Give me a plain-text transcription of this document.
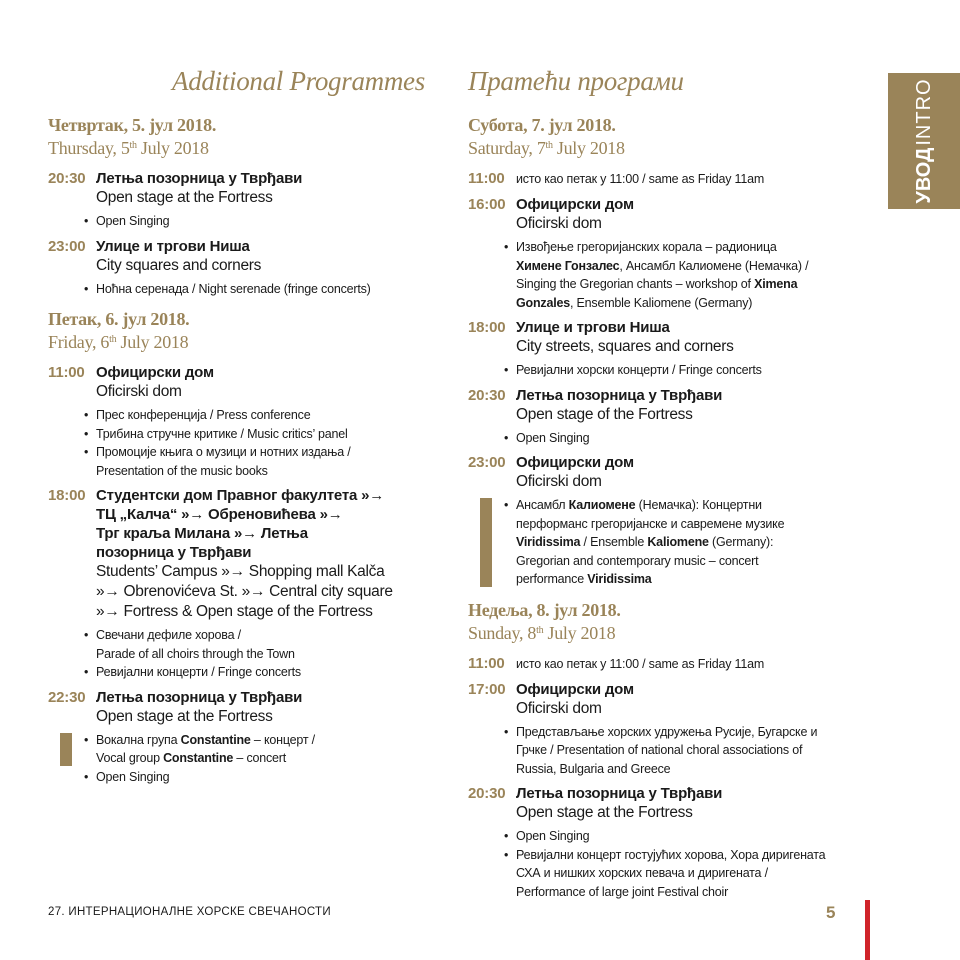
Additional Programmes Пратећи програми
Четвртак, 5. јул 2018.
Thursday, 5th July 2018
20:30 Летња позорница у Тврђави
Open stage at the Fortress
• Open Singing
23:00 Улице и тргови Ниша
City squares and corners
• Ноћна серенада / Night serenade (fringe concerts)
Петак, 6. јул 2018.
Friday, 6th July 2018
11:00 Официрски дом
Oficirski dom
• Прес конференција / Press conference
• Трибина стручне критике / Music critics’ panel
• Промоције књига о музици и нотних издања /
Presentation of the music books
18:00 Студентски дом Правног факултета »→
ТЦ „Калча“ »→ Обреновићева »→
Трг краља Милана »→ Летња
позорница у Тврђави
Students’ Campus »→ Shopping mall Kalča
»→ Obrenovićeva St. »→ Central city square
»→ Fortress & Open stage of the Fortress
• Свечани дефиле хорова /
Parade of all choirs through the Town
• Ревијални концерти / Fringe concerts
22:30 Летња позорница у Тврђави
Open stage at the Fortress
• Вокална група Constantine – концерт /
Vocal group Constantine – concert
• Open Singing
Субота, 7. јул 2018.
Saturday, 7th July 2018
11:00 исто као петак у 11:00 / same as Friday 11am
16:00 Официрски дом
Oficirski dom
• Извођење грегоријанских корала – радионица
Химене Гонзалес, Ансамбл Калиомене (Немачка) /
Singing the Gregorian chants – workshop of Ximena
Gonzales, Ensemble Kaliomene (Germany)
18:00 Улице и тргови Ниша
City streets, squares and corners
• Ревијални хорски концерти / Fringe concerts
20:30 Летња позорница у Тврђави
Open stage of the Fortress
• Open Singing
23:00 Официрски дом
Oficirski dom
• Ансамбл Калиомене (Немачка): Концертни
перформанс грегоријанске и савремене музике
Viridissima / Ensemble Kaliomene (Germany):
Gregorian and contemporary music – concert
performance Viridissima
Недеља, 8. јул 2018.
Sunday, 8th July 2018
11:00 исто као петак у 11:00 / same as Friday 11am
17:00 Официрски дом
Oficirski dom
• Представљање хорских удружења Русије, Бугарске и
Грчке / Presentation of national choral associations of
Russia, Bulgaria and Greece
20:30 Летња позорница у Тврђави
Open stage at the Fortress
• Open Singing
• Ревијални концерт гостујућих хорова, Хора диригената
СХА и нишких хорских певача и диригената /
Performance of large joint Festival choir
УВОДINTRO
27. ИНТЕРНАЦИОНАЛНЕ ХОРСКЕ СВЕЧАНОСТИ	5
